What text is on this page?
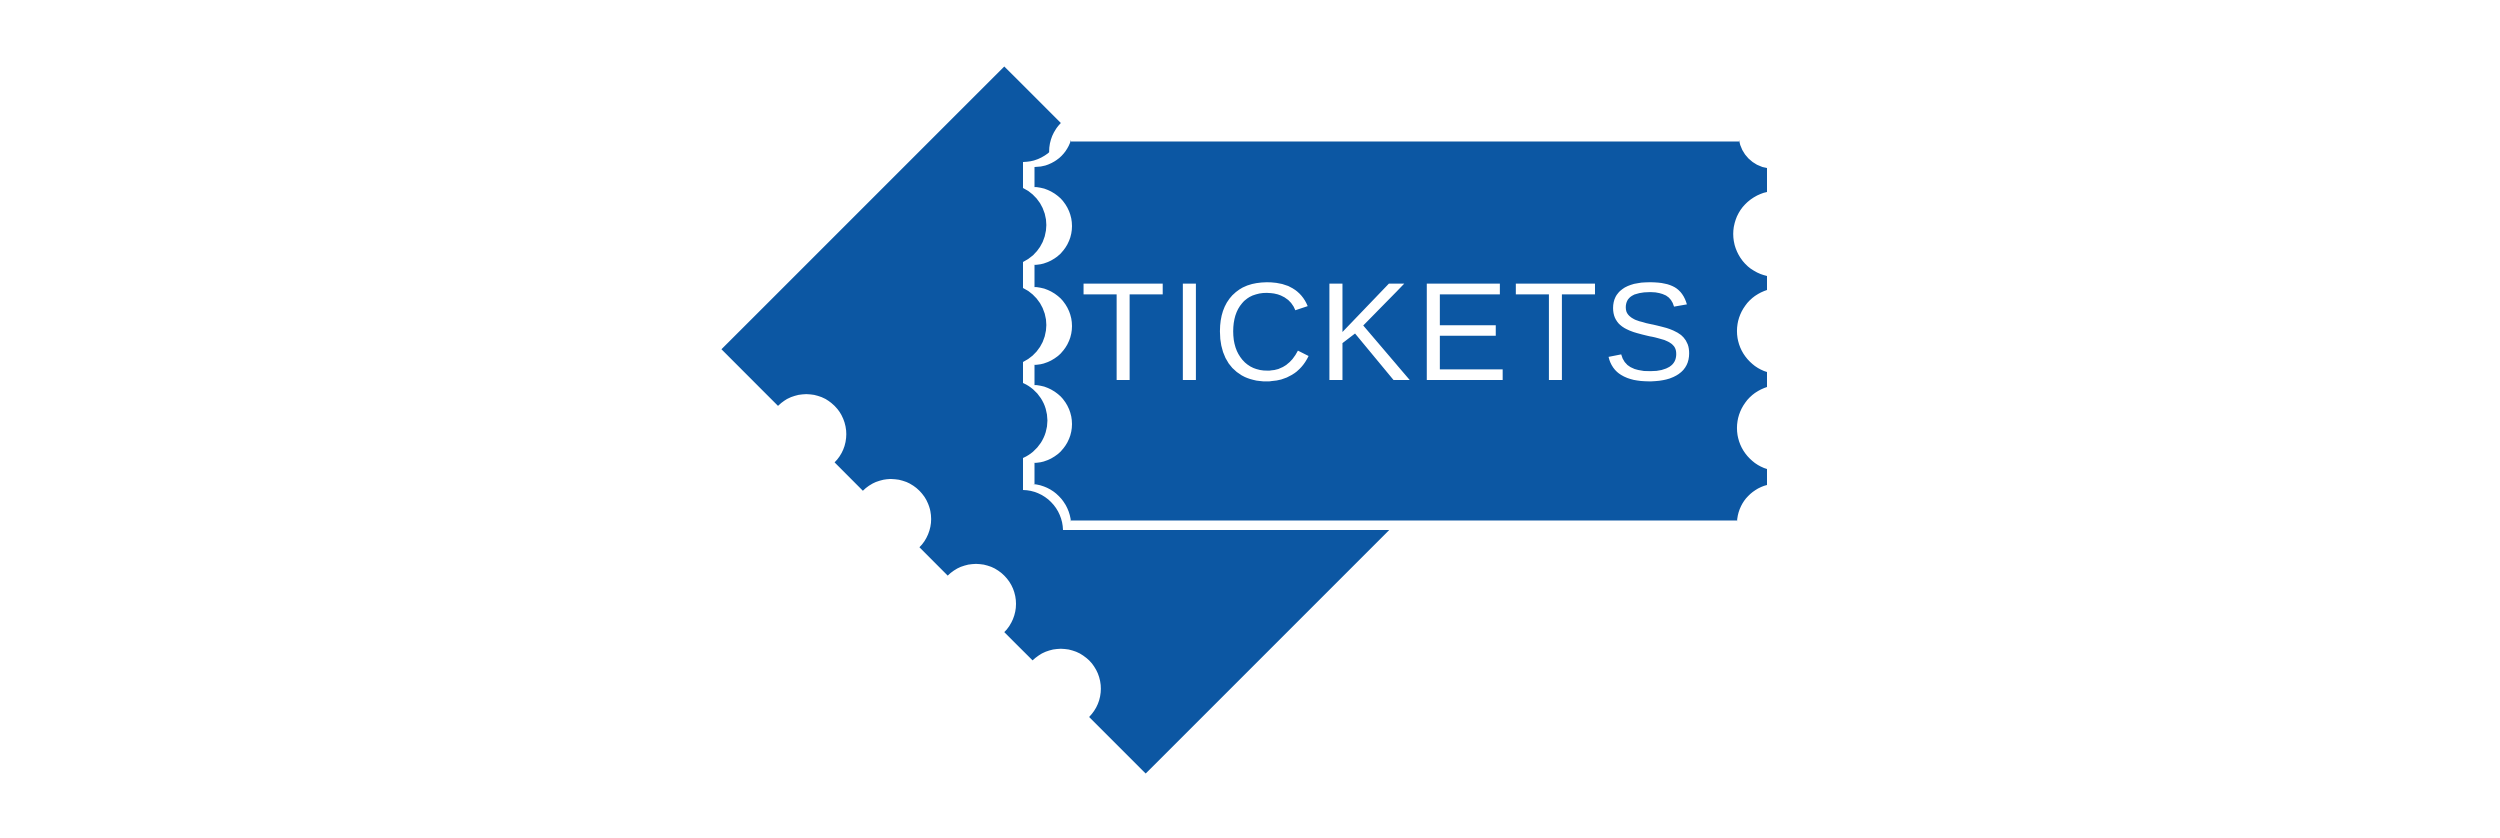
TICKETS
